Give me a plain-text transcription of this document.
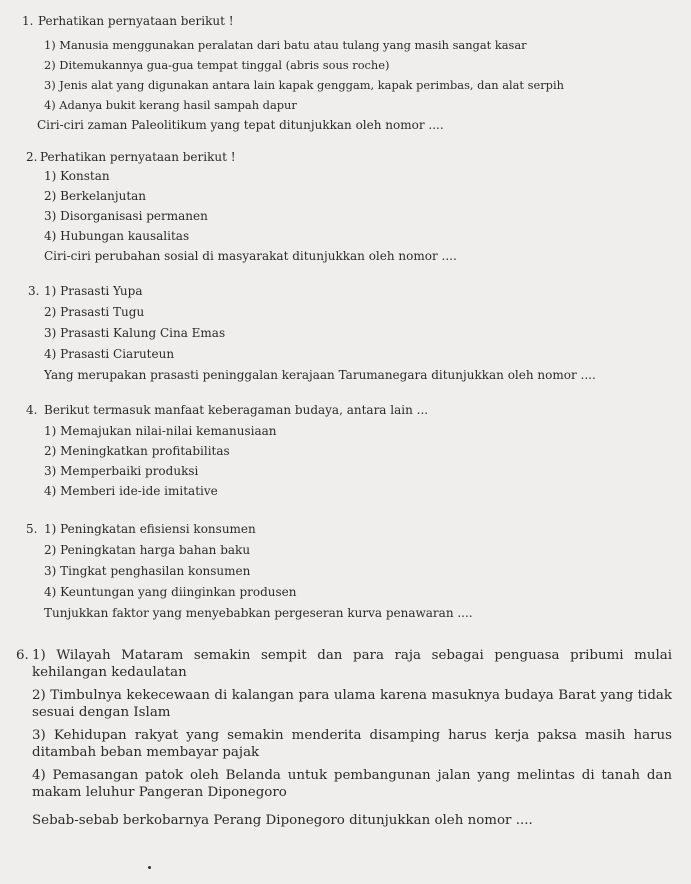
1. Perhatikan pernyataan berikut !
1) Manusia menggunakan peralatan dari batu atau tulang yang masih sangat kasar
2) Ditemukannya gua-gua tempat tinggal (abris sous roche)
3) Jenis alat yang digunakan antara lain kapak genggam, kapak perimbas, dan alat serpih
4) Adanya bukit kerang hasil sampah dapur
Ciri-ciri zaman Paleolitikum yang tepat ditunjukkan oleh nomor ....
2. Perhatikan pernyataan berikut !
1) Konstan
2) Berkelanjutan
3) Disorganisasi permanen
4) Hubungan kausalitas
Ciri-ciri perubahan sosial di masyarakat ditunjukkan oleh nomor ....
3. 1) Prasasti Yupa
2) Prasasti Tugu
3) Prasasti Kalung Cina Emas
4) Prasasti Ciaruteun
Yang merupakan prasasti peninggalan kerajaan Tarumanegara ditunjukkan oleh nomor ....
4. Berikut termasuk manfaat keberagaman budaya, antara lain ...
1) Memajukan nilai-nilai kemanusiaan
2) Meningkatkan profitabilitas
3) Memperbaiki produksi
4) Memberi ide-ide imitative
5. 1) Peningkatan efisiensi konsumen
2) Peningkatan harga bahan baku
3) Tingkat penghasilan konsumen
4) Keuntungan yang diinginkan produsen
Tunjukkan faktor yang menyebabkan pergeseran kurva penawaran ....
6. 1) Wilayah Mataram semakin sempit dan para raja sebagai penguasa pribumi mulai kehilangan kedaulatan
2) Timbulnya kekecewaan di kalangan para ulama karena masuknya budaya Barat yang tidak sesuai dengan Islam
3) Kehidupan rakyat yang semakin menderita disamping harus kerja paksa masih harus ditambah beban membayar pajak
4) Pemasangan patok oleh Belanda untuk pembangunan jalan yang melintas di tanah dan makam leluhur Pangeran Diponegoro
Sebab-sebab berkobarnya Perang Diponegoro ditunjukkan oleh nomor ....
